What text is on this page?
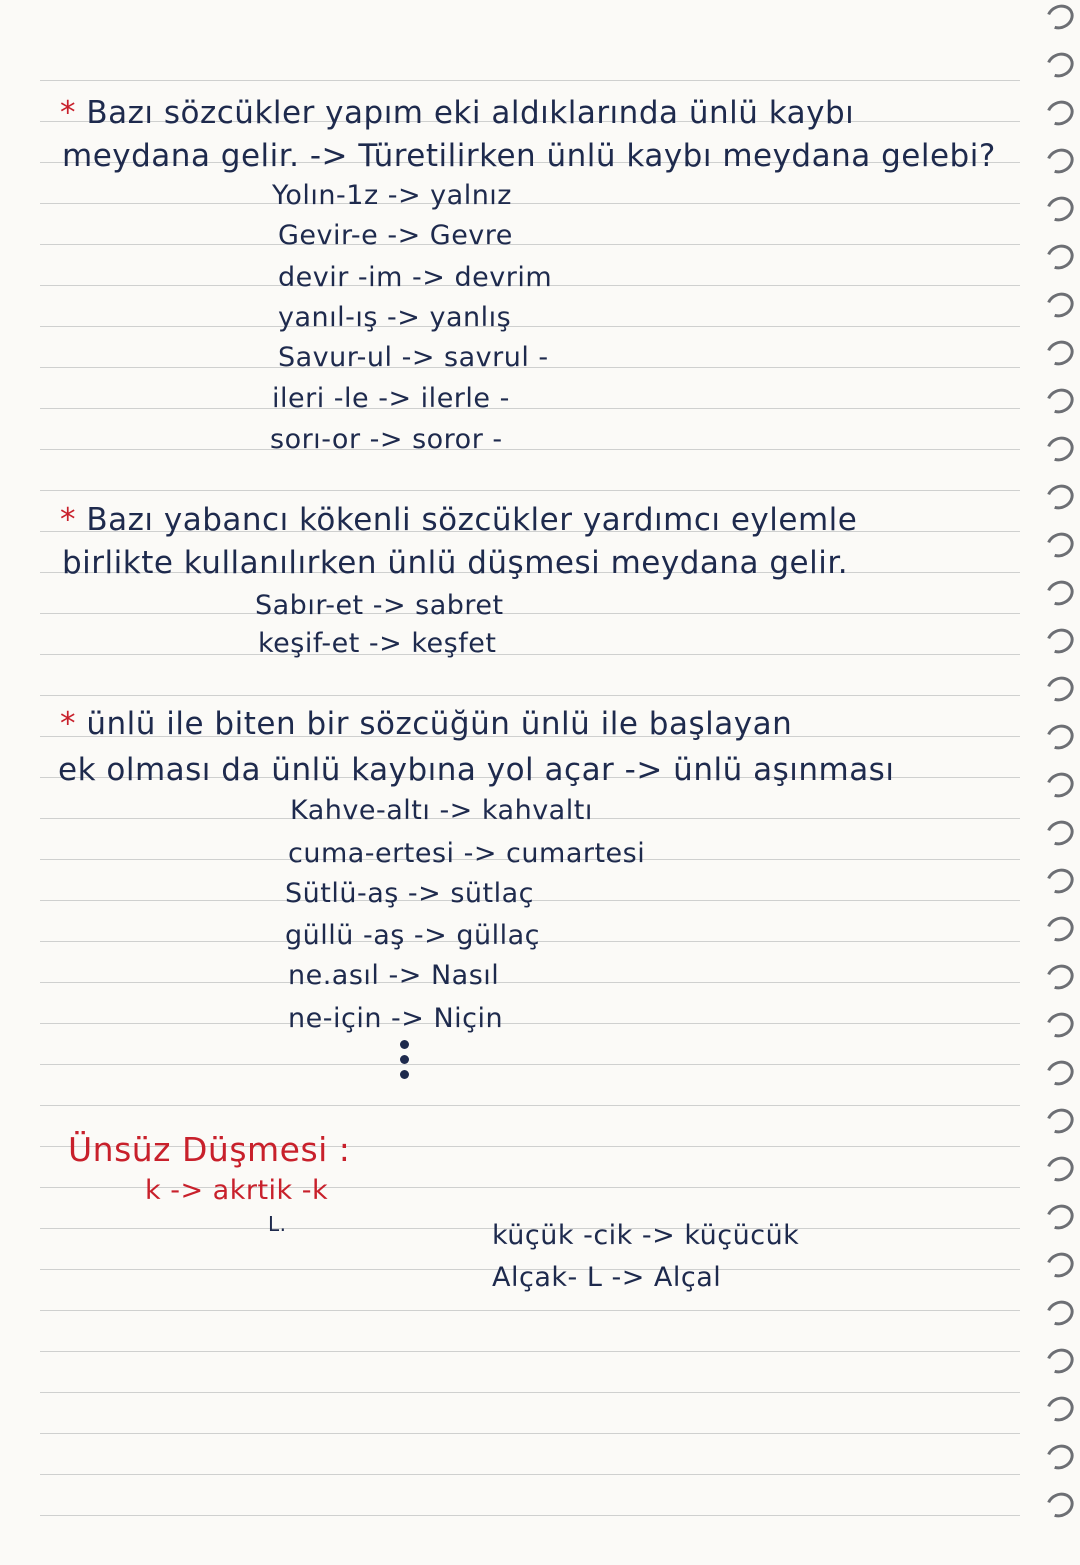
* Bazı sözcükler yapım eki aldıklarında ünlü kaybı
meydana gelir. -> Türetilirken ünlü kaybı meydana gelebi?
Yolın-1z -> yalnız
Gevir-e -> Gevre
devir -im -> devrim
yanıl-ış -> yanlış
Savur-ul -> savrul -
ileri -le -> ilerle -
sorı-or -> soror -
* Bazı yabancı kökenli sözcükler yardımcı eylemle
birlikte kullanılırken ünlü düşmesi meydana gelir.
Sabır-et -> sabret
keşif-et -> keşfet
* ünlü ile biten bir sözcüğün ünlü ile başlayan
ek olması da ünlü kaybına yol açar -> ünlü aşınması
Kahve-altı -> kahvaltı
cuma-ertesi -> cumartesi
Sütlü-aş -> sütlaç
güllü -aş -> güllaç
ne.asıl -> Nasıl
ne-için -> Niçin
Ünsüz Düşmesi :
k -> akrtik -k
L.	küçük -cik -> küçücük
Alçak- L -> Alçal
